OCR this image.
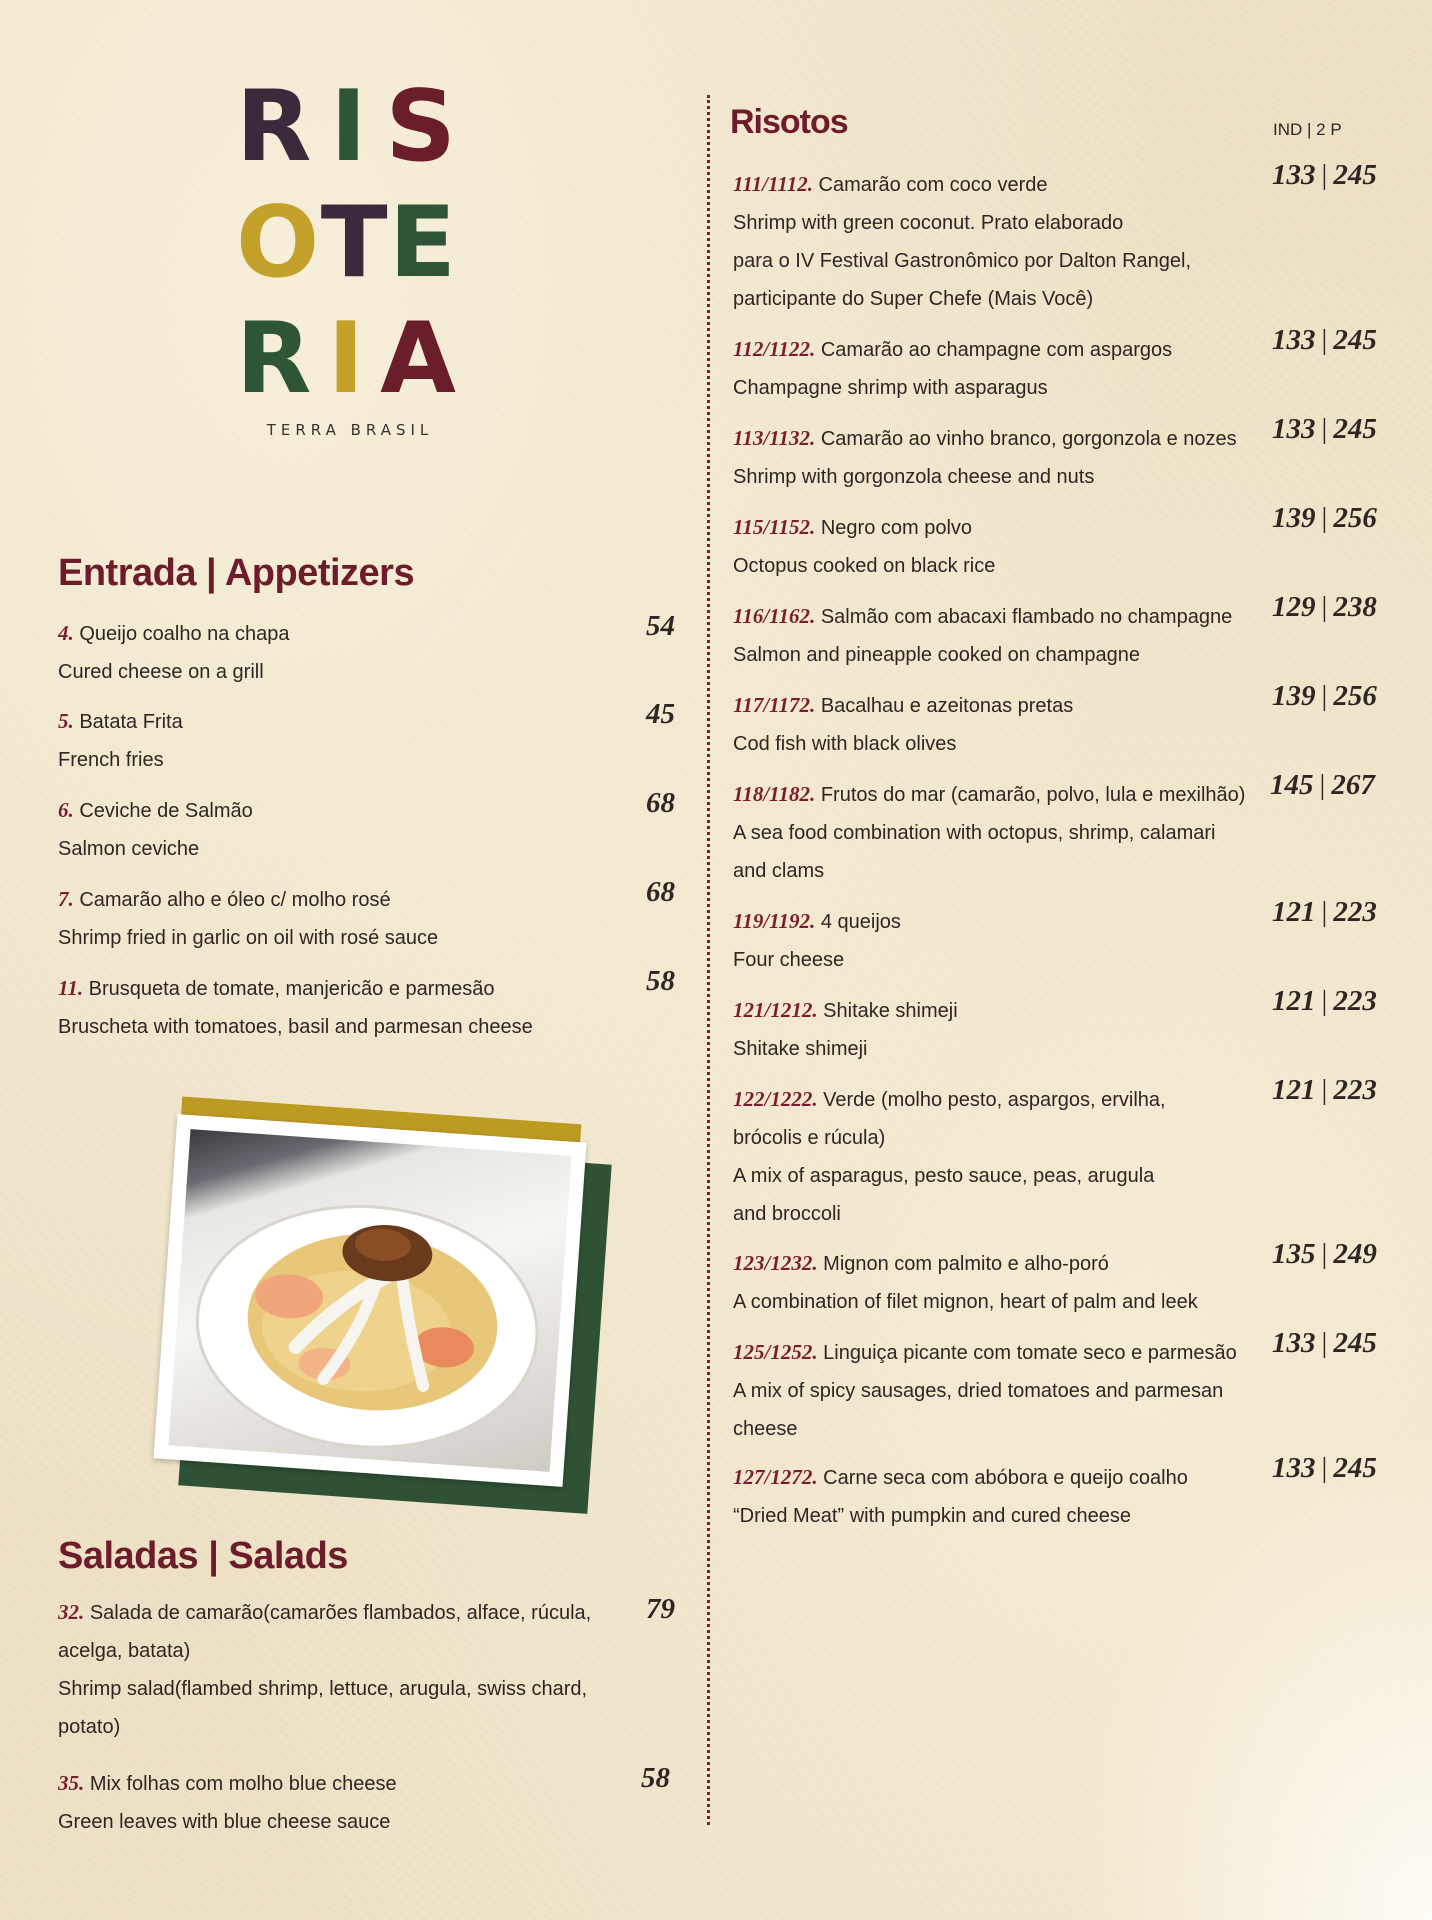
R I S
O T E
R I A
TERRA BRASIL
Entrada | Appetizers
4. Queijo coalho na chapa
Cured cheese on a grill
54
5. Batata Frita
French fries
45
6. Ceviche de Salmão
Salmon ceviche
68
7. Camarão alho e óleo c/ molho rosé
Shrimp fried in garlic on oil with rosé sauce
68
11. Brusqueta de tomate, manjericão e parmesão
Bruscheta with tomatoes, basil and parmesan cheese
58
Saladas | Salads
32. Salada de camarão(camarões flambados, alface, rúcula,
acelga, batata)
Shrimp salad(flambed shrimp, lettuce, arugula, swiss chard,
potato)
79
35. Mix folhas com molho blue cheese
Green leaves with blue cheese sauce
58
Risotos	IND | 2 P
111/1112. Camarão com coco verde
Shrimp with green coconut. Prato elaborado
para o IV Festival Gastronômico por Dalton Rangel,
participante do Super Chefe (Mais Você)
133 | 245
112/1122. Camarão ao champagne com aspargos
Champagne shrimp with asparagus
133 | 245
113/1132. Camarão ao vinho branco, gorgonzola e nozes
Shrimp with gorgonzola cheese and nuts
133 | 245
115/1152. Negro com polvo
Octopus cooked on black rice
139 | 256
116/1162. Salmão com abacaxi flambado no champagne
Salmon and pineapple cooked on champagne
129 | 238
117/1172. Bacalhau e azeitonas pretas
Cod fish with black olives
139 | 256
118/1182. Frutos do mar (camarão, polvo, lula e mexilhão)
A sea food combination with octopus, shrimp, calamari
and clams
145 | 267
119/1192. 4 queijos
Four cheese
121 | 223
121/1212. Shitake shimeji
Shitake shimeji
121 | 223
122/1222. Verde (molho pesto, aspargos, ervilha,
brócolis e rúcula)
A mix of asparagus, pesto sauce, peas, arugula
and broccoli
121 | 223
123/1232. Mignon com palmito e alho-poró
A combination of filet mignon, heart of palm and leek
135 | 249
125/1252. Linguiça picante com tomate seco e parmesão
A mix of spicy sausages, dried tomatoes and parmesan
cheese
133 | 245
127/1272. Carne seca com abóbora e queijo coalho
“Dried Meat” with pumpkin and cured cheese
133 | 245
